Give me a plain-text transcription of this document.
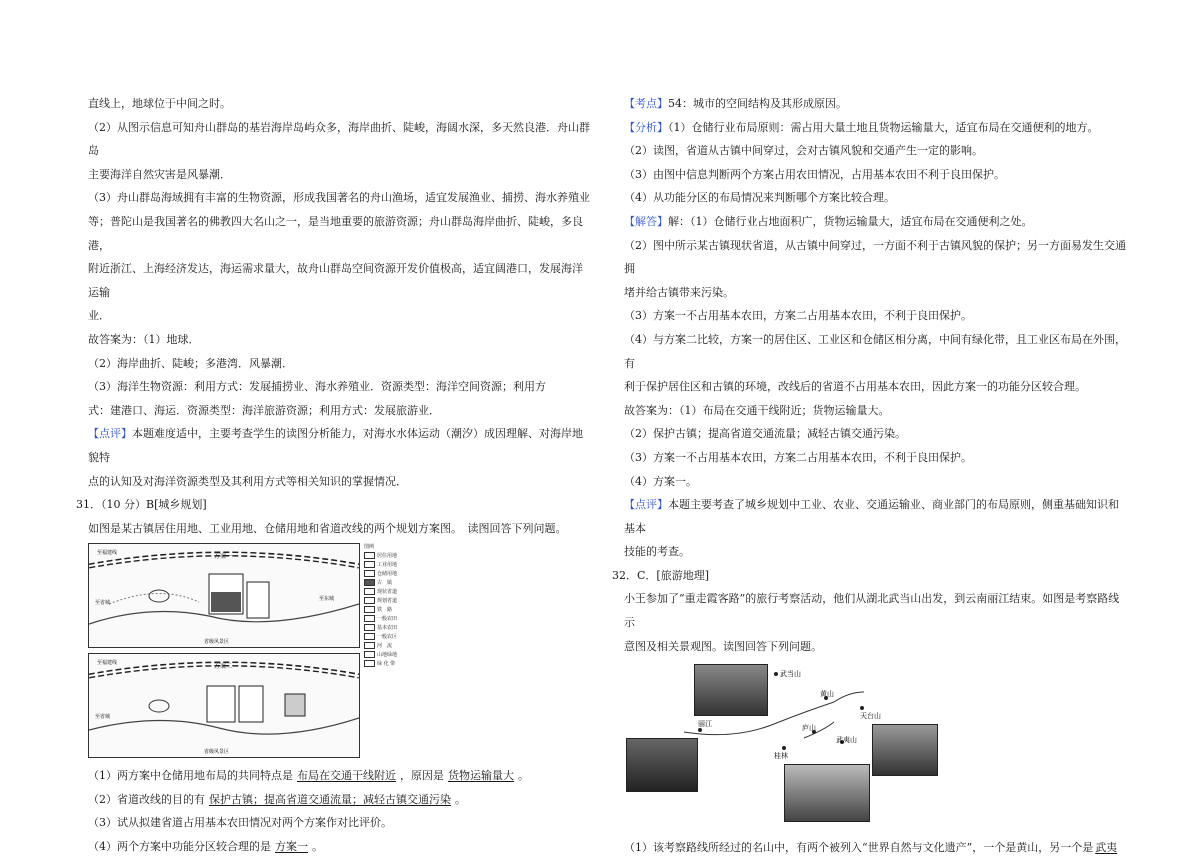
直线上，地球位于中间之时。

（2）从图示信息可知舟山群岛的基岩海岸岛屿众多，海岸曲折、陡峻，海阔水深，多天然良港．舟山群岛

主要海洋自然灾害是风暴潮．

（3）舟山群岛海域拥有丰富的生物资源，形成我国著名的舟山渔场，适宜发展渔业、捕捞、海水养殖业

等；普陀山是我国著名的佛教四大名山之一，是当地重要的旅游资源；舟山群岛海岸曲折、陡峻，多良港，

附近浙江、上海经济发达，海运需求量大，故舟山群岛空间资源开发价值极高，适宜阔港口，发展海洋运输

业．

故答案为：（1）地球．

（2）海岸曲折、陡峻；多港湾．风暴潮．

（3）海洋生物资源：利用方式：发展捕捞业、海水养殖业．资源类型：海洋空间资源；利用方

式：建港口、海运．资源类型：海洋旅游资源；利用方式：发展旅游业．

【点评】本题难度适中，主要考查学生的读图分析能力，对海水水体运动（潮汐）成因理解、对海岸地貌特

点的认知及对海洋资源类型及其利用方式等相关知识的掌握情况．

31．（10 分）B[城乡规划]

如图是某古镇居住用地、工业用地、仓储用地和省道改线的两个规划方案图。　读图回答下列问题。

至福建线
至省城
至东城
方案一
省级风景区
至福建线
至省城
方案二
省级风景区
图例
居住用地
工业用地
仓储用地
古　镇
现状省道
规划省道
铁　路
一般农田
基本农田
一般农区
河　流
山地绿地
绿 化 带

（1）两方案中仓储用地布局的共同特点是 布局在交通干线附近 ，原因是 货物运输量大 。

（2）省道改线的目的有 保护古镇；提高省道交通流量；减轻古镇交通污染 。

（3）试从拟建省道占用基本农田情况对两个方案作对比评价。

（4）两个方案中功能分区较合理的是 方案一 。

【考点】54：城市的空间结构及其形成原因。

【分析】（1）仓储行业布局原则：需占用大量土地且货物运输量大，适宜布局在交通便利的地方。

（2）读图，省道从古镇中间穿过，会对古镇风貌和交通产生一定的影响。

（3）由图中信息判断两个方案占用农田情况，占用基本农田不利于良田保护。

（4）从功能分区的布局情况来判断哪个方案比较合理。

【解答】解：（1）仓储行业占地面积广，货物运输量大，适宜布局在交通便利之处。

（2）图中所示某古镇现状省道，从古镇中间穿过，一方面不利于古镇风貌的保护；另一方面易发生交通拥

堵并给古镇带来污染。

（3）方案一不占用基本农田，方案二占用基本农田，不利于良田保护。

（4）与方案二比较，方案一的居住区、工业区和仓储区相分离，中间有绿化带，且工业区布局在外围，有

利于保护居住区和古镇的环境，改线后的省道不占用基本农田，因此方案一的功能分区较合理。

故答案为：（1）布局在交通干线附近；货物运输量大。

（2）保护古镇；提高省道交通流量；减轻古镇交通污染。

（3）方案一不占用基本农田，方案二占用基本农田，不利于良田保护。

（4）方案一。

【点评】本题主要考查了城乡规划中工业、农业、交通运输业、商业部门的布局原则，侧重基础知识和基本

技能的考查。

32．C．[旅游地理]

小王参加了“重走霞客路”的旅行考察活动，他们从湖北武当山出发，到云南丽江结束。如图是考察路线示

意图及相关景观图。读图回答下列问题。

武当山
黄山
天台山
庐山
武夷山
桂林
丽江

（1）该考察路线所经过的名山中，有两个被列入“世界自然与文化遗产”，一个是黄山，另一个是 武夷
